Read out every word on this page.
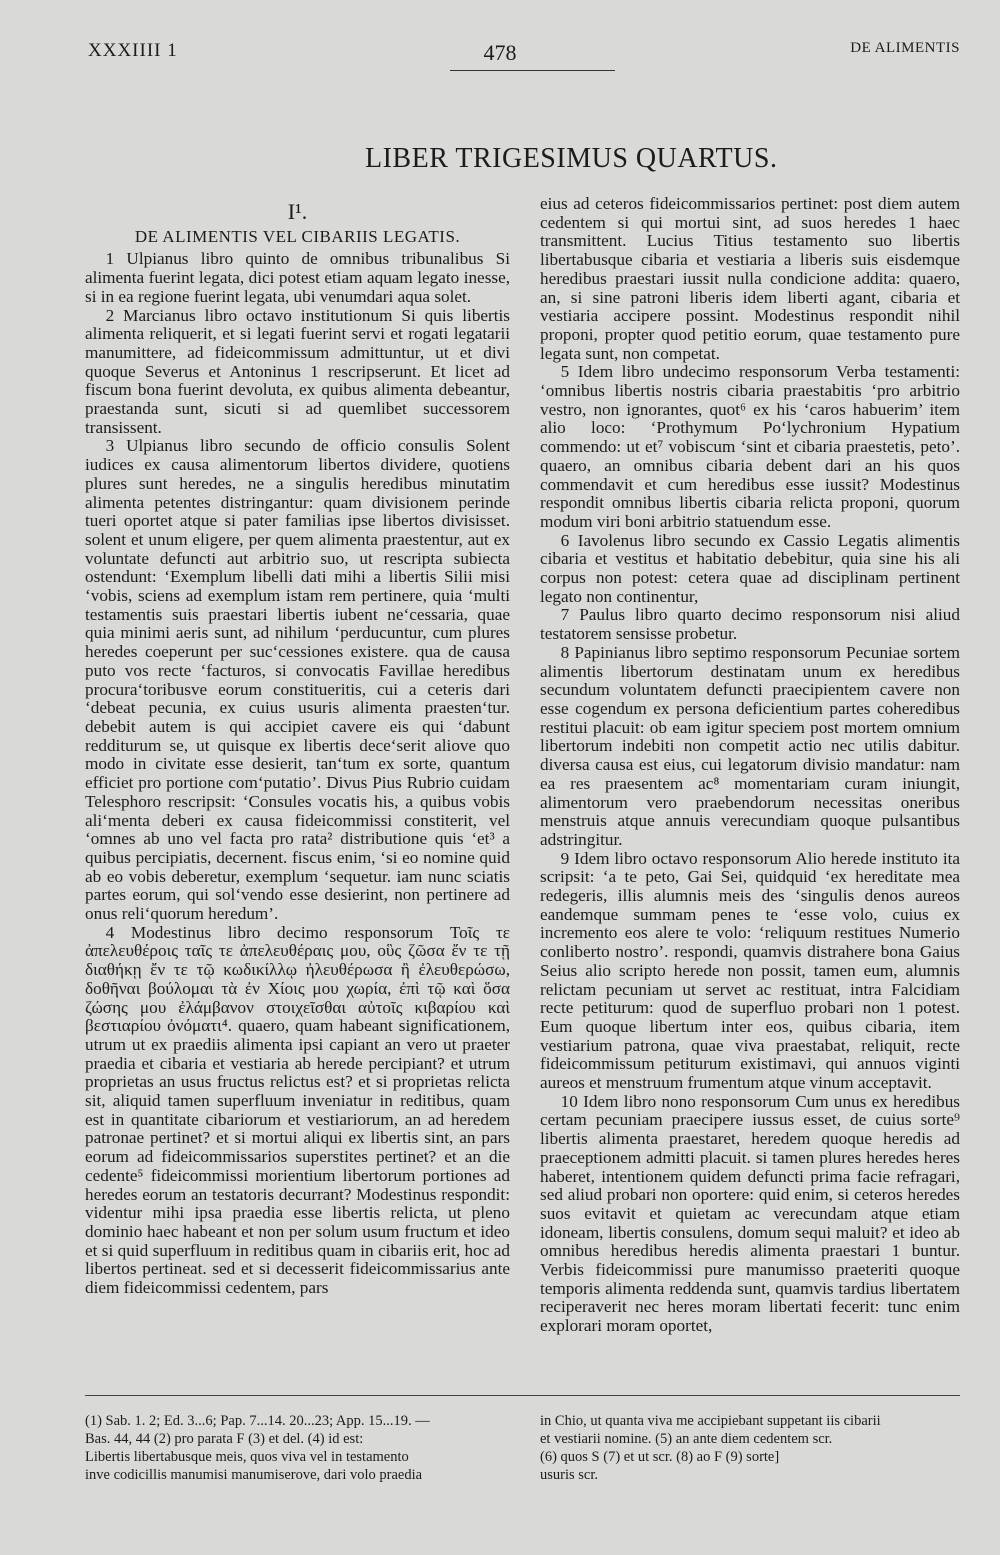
XXXIIII 1	478	DE ALIMENTIS
LIBER TRIGESIMUS QUARTUS.
I¹.
DE ALIMENTIS VEL CIBARIIS LEGATIS.

1 Ulpianus libro quinto de omnibus tribunalibus Si alimenta fuerint legata, dici potest etiam aquam legato inesse, si in ea regione fuerint legata, ubi venumdari aqua solet.

2 Marcianus libro octavo institutionum Si quis libertis alimenta reliquerit, et si legati fuerint servi et rogati legatarii manumittere, ad fideicommissum admittuntur, ut et divi quoque Severus et Antoninus 1 rescripserunt. Et licet ad fiscum bona fuerint devoluta, ex quibus alimenta debeantur, praestanda sunt, sicuti si ad quemlibet successorem transissent.

3 Ulpianus libro secundo de officio consulis Solent iudices ex causa alimentorum libertos dividere, quotiens plures sunt heredes, ne a singulis heredibus minutatim alimenta petentes distringantur: quam divisionem perinde tueri oportet atque si pater familias ipse libertos divisisset. solent et unum eligere, per quem alimenta praestentur, aut ex voluntate defuncti aut arbitrio suo, ut rescripta subiecta ostendunt: ‘Exemplum libelli dati mihi a libertis Silii misi ‘vobis, sciens ad exemplum istam rem pertinere, quia ‘multi testamentis suis praestari libertis iubent ne‘cessaria, quae quia minimi aeris sunt, ad nihilum ‘perducuntur, cum plures heredes coeperunt per suc‘cessiones existere. qua de causa puto vos recte ‘facturos, si convocatis Favillae heredibus procura‘toribusve eorum constitueritis, cui a ceteris dari ‘debeat pecunia, ex cuius usuris alimenta praesten‘tur. debebit autem is qui accipiet cavere eis qui ‘dabunt redditurum se, ut quisque ex libertis dece‘serit aliove quo modo in civitate esse desierit, tan‘tum ex sorte, quantum efficiet pro portione com‘putatio’. Divus Pius Rubrio cuidam Telesphoro rescripsit: ‘Consules vocatis his, a quibus vobis ali‘menta deberi ex causa fideicommissi constiterit, vel ‘omnes ab uno vel facta pro rata² distributione quis ‘et³ a quibus percipiatis, decernent. fiscus enim, ‘si eo nomine quid ab eo vobis deberetur, exemplum ‘sequetur. iam nunc sciatis partes eorum, qui sol‘vendo esse desierint, non pertinere ad onus reli‘quorum heredum’.

4 Modestinus libro decimo responsorum Τοῖς τε ἀπελευθέροις ταῖς τε ἀπελευθέραις μου, οὓς ζῶσα ἔν τε τῇ διαθήκῃ ἔν τε τῷ κωδικίλλῳ ἠλευθέρωσα ἢ ἐλευθερώσω, δοθῆναι βούλομαι τὰ ἐν Χίοις μου χωρία, ἐπὶ τῷ καὶ ὅσα ζώσης μου ἐλάμβανον στοιχεῖσθαι αὐτοῖς κιβαρίου καὶ βεστιαρίου ὀνόματι⁴. quaero, quam habeant significationem, utrum ut ex praediis alimenta ipsi capiant an vero ut praeter praedia et cibaria et vestiaria ab herede percipiant? et utrum proprietas an usus fructus relictus est? et si proprietas relicta sit, aliquid tamen superfluum inveniatur in reditibus, quam est in quantitate cibariorum et vestiariorum, an ad heredem patronae pertinet? et si mortui aliqui ex libertis sint, an pars eorum ad fideicommissarios superstites pertinet? et an die cedente⁵ fideicommissi morientium libertorum portiones ad heredes eorum an testatoris decurrant? Modestinus respondit: videntur mihi ipsa praedia esse libertis relicta, ut pleno dominio haec habeant et non per solum usum fructum et ideo et si quid superfluum in reditibus quam in cibariis erit, hoc ad libertos pertineat. sed et si decesserit fideicommissarius ante diem fideicommissi cedentem, pars

eius ad ceteros fideicommissarios pertinet: post diem autem cedentem si qui mortui sint, ad suos heredes 1 haec transmittent. Lucius Titius testamento suo libertis libertabusque cibaria et vestiaria a liberis suis eisdemque heredibus praestari iussit nulla condicione addita: quaero, an, si sine patroni liberis idem liberti agant, cibaria et vestiaria accipere possint. Modestinus respondit nihil proponi, propter quod petitio eorum, quae testamento pure legata sunt, non competat.

5 Idem libro undecimo responsorum Verba testamenti: ‘omnibus libertis nostris cibaria praestabitis ‘pro arbitrio vestro, non ignorantes, quot⁶ ex his ‘caros habuerim’ item alio loco: ‘Prothymum Po‘lychronium Hypatium commendo: ut et⁷ vobiscum ‘sint et cibaria praestetis, peto’. quaero, an omnibus cibaria debent dari an his quos commendavit et cum heredibus esse iussit? Modestinus respondit omnibus libertis cibaria relicta proponi, quorum modum viri boni arbitrio statuendum esse.

6 Iavolenus libro secundo ex Cassio Legatis alimentis cibaria et vestitus et habitatio debebitur, quia sine his ali corpus non potest: cetera quae ad disciplinam pertinent legato non continentur,

7 Paulus libro quarto decimo responsorum nisi aliud testatorem sensisse probetur.

8 Papinianus libro septimo responsorum Pecuniae sortem alimentis libertorum destinatam unum ex heredibus secundum voluntatem defuncti praecipientem cavere non esse cogendum ex persona deficientium partes coheredibus restitui placuit: ob eam igitur speciem post mortem omnium libertorum indebiti non competit actio nec utilis dabitur. diversa causa est eius, cui legatorum divisio mandatur: nam ea res praesentem ac⁸ momentariam curam iniungit, alimentorum vero praebendorum necessitas oneribus menstruis atque annuis verecundiam quoque pulsantibus adstringitur.

9 Idem libro octavo responsorum Alio herede instituto ita scripsit: ‘a te peto, Gai Sei, quidquid ‘ex hereditate mea redegeris, illis alumnis meis des ‘singulis denos aureos eandemque summam penes te ‘esse volo, cuius ex incremento eos alere te volo: ‘reliquum restitues Numerio conliberto nostro’. respondi, quamvis distrahere bona Gaius Seius alio scripto herede non possit, tamen eum, alumnis relictam pecuniam ut servet ac restituat, intra Falcidiam recte petiturum: quod de superfluo probari non 1 potest. Eum quoque libertum inter eos, quibus cibaria, item vestiarium patrona, quae viva praestabat, reliquit, recte fideicommissum petiturum existimavi, qui annuos viginti aureos et menstruum frumentum atque vinum acceptavit.

10 Idem libro nono responsorum Cum unus ex heredibus certam pecuniam praecipere iussus esset, de cuius sorte⁹ libertis alimenta praestaret, heredem quoque heredis ad praeceptionem admitti placuit. si tamen plures heredes heres haberet, intentionem quidem defuncti prima facie refragari, sed aliud probari non oportere: quid enim, si ceteros heredes suos evitavit et quietam ac verecundam atque etiam idoneam, libertis consulens, domum sequi maluit? et ideo ab omnibus heredibus heredis alimenta praestari 1 buntur. Verbis fideicommissi pure manumisso praeteriti quoque temporis alimenta reddenda sunt, quamvis tardius libertatem reciperaverit nec heres moram libertati fecerit: tunc enim explorari moram oportet,

(1) Sab. 1. 2; Ed. 3...6; Pap. 7...14. 20...23; App. 15...19. —
Bas. 44, 44 (2) pro parata F (3) et del. (4) id est:
Libertis libertabusque meis, quos viva vel in testamento
inve codicillis manumisi manumiserove, dari volo praedia
in Chio, ut quanta viva me accipiebant suppetant iis cibarii
et vestiarii nomine. (5) an ante diem cedentem scr.
(6) quos S (7) et ut scr. (8) ao F (9) sorte]
usuris scr.
